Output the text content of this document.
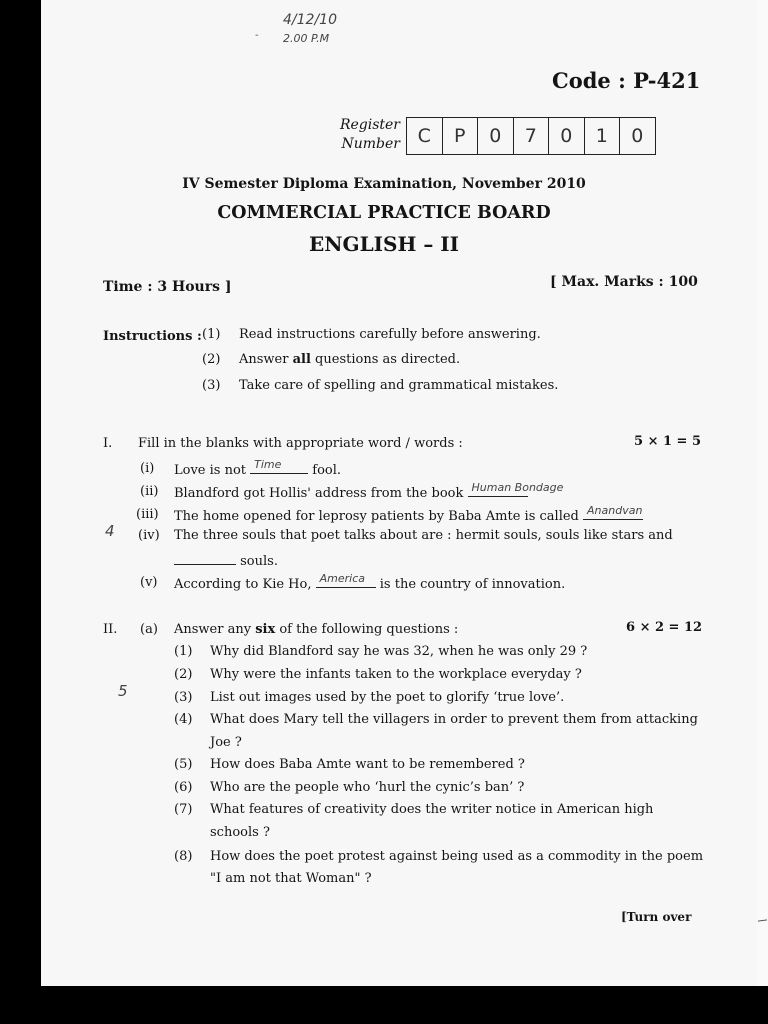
4/12/10
2.00 P.M
-
Code : P-421
Register Number C	P	0	7	0	1	0
IV Semester Diploma Examination, November 2010
COMMERCIAL PRACTICE BOARD
ENGLISH – II
Time : 3 Hours ]	[ Max. Marks : 100
Instructions : (1) Read instructions carefully before answering.
(2) Answer all questions as directed.
(3) Take care of spelling and grammatical mistakes.
I. Fill in the blanks with appropriate word / words :	5 × 1 = 5
(i) Love is not Time fool.
(ii) Blandford got Hollis' address from the book Human Bondage
(iii) The home opened for leprosy patients by Baba Amte is called Anandvan
4 (iv) The three souls that poet talks about are : hermit souls, souls like stars and
souls.
(v) According to Kie Ho, America is the country of innovation.
II. (a) Answer any six of the following questions :	6 × 2 = 12
(1) Why did Blandford say he was 32, when he was only 29 ?
(2) Why were the infants taken to the workplace everyday ?
5	(3) List out images used by the poet to glorify ‘true love’.
(4) What does Mary tell the villagers in order to prevent them from attacking
Joe ?
(5) How does Baba Amte want to be remembered ?
(6) Who are the people who ‘hurl the cynic’s ban’ ?
(7) What features of creativity does the writer notice in American high
schools ?
(8) How does the poet protest against being used as a commodity in the poem
"I am not that Woman" ?
[Turn over
